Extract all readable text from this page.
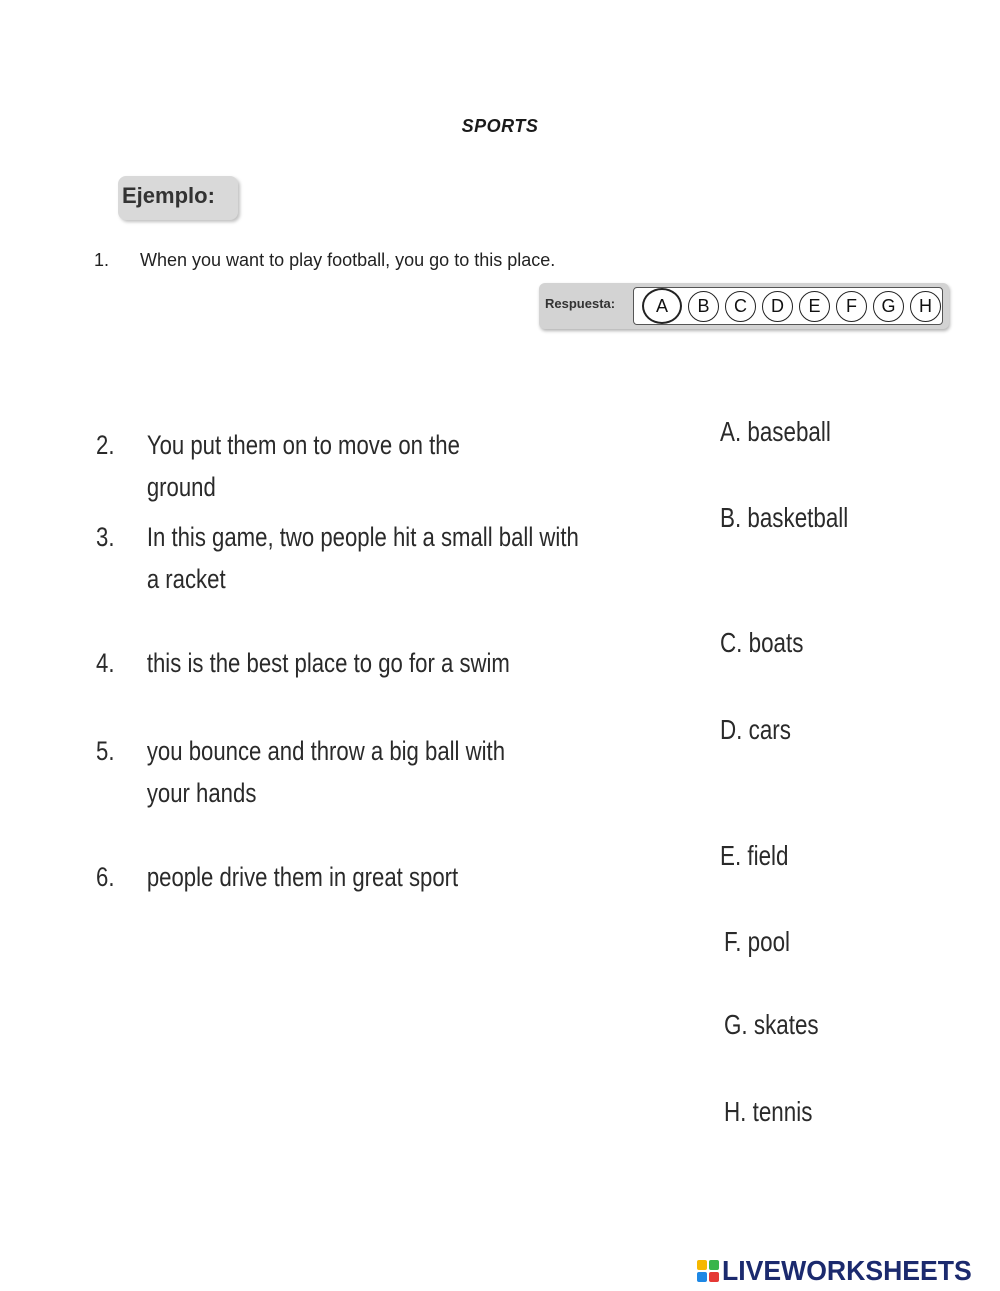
SPORTS
Ejemplo:
1. When you want to play football, you go to this place.
Respuesta:	A	B	C	D	E	F	G	H
2.	You put them on to move on the ground
3.	In this game, two people hit a small ball with a racket
4.	this is the best place to go for a swim
5.	you bounce and throw a big ball with your hands
6.	people drive them in great sport
A. baseball
B. basketball
C. boats
D. cars
E. field
F. pool
G. skates
H. tennis
LIVEWORKSHEETS
